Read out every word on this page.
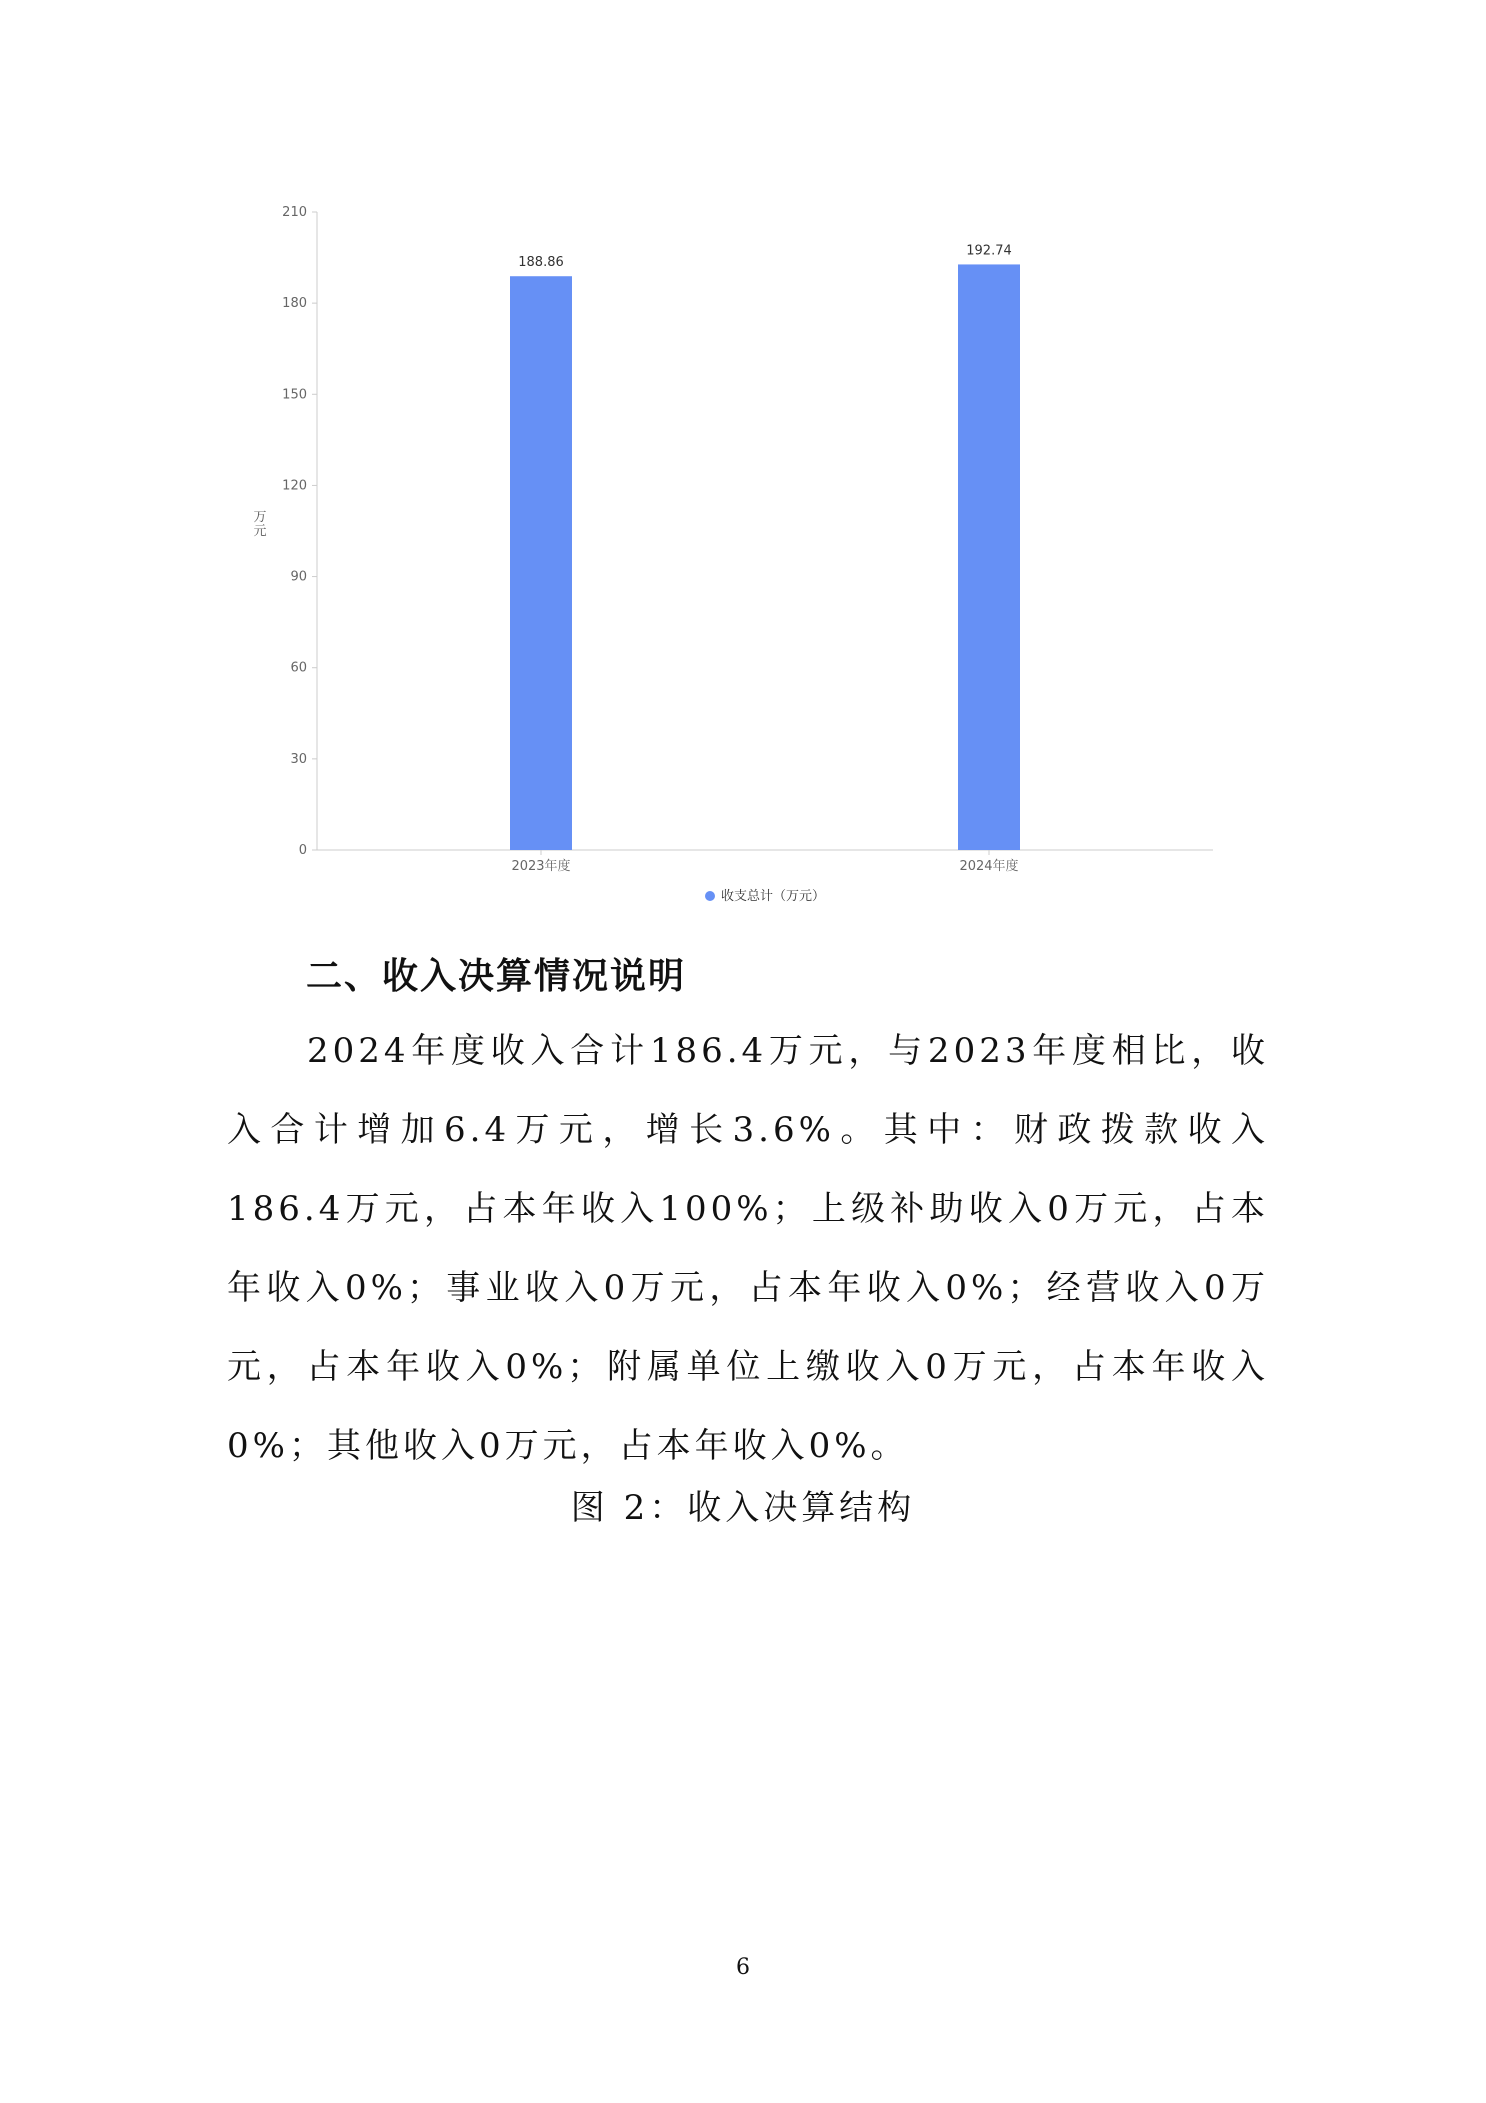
0
30
60
90
120
150
180
210
万元
2023年度
188.86
2024年度
192.74
收支总计（万元）
二、收入决算情况说明
2024年度收入合计186.4万元，与2023年度相比，收入合计增加6.4万元，增长3.6%。其中：财政拨款收入186.4万元，占本年收入100%；上级补助收入0万元，占本年收入0%；事业收入0万元，占本年收入0%；经营收入0万元，占本年收入0%；附属单位上缴收入0万元，占本年收入0%；其他收入0万元，占本年收入0%。
图 2：收入决算结构
6
